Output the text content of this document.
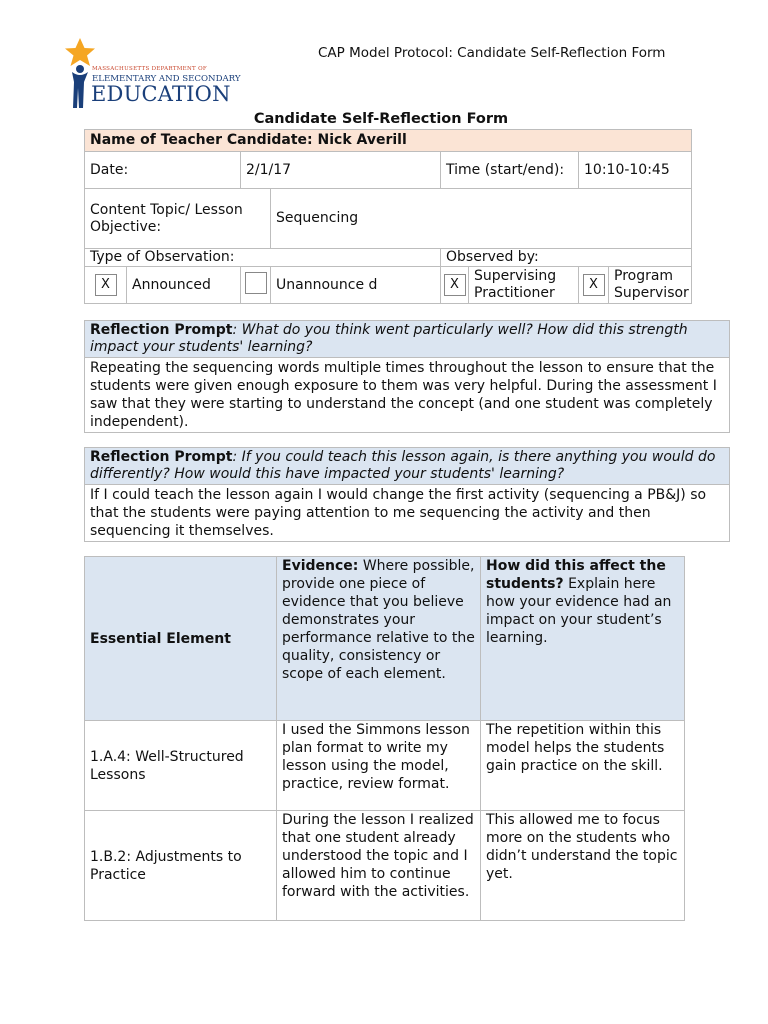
MASSACHUSETTS DEPARTMENT OF
ELEMENTARY AND SECONDARY
EDUCATION
CAP Model Protocol: Candidate Self-Reflection Form
Candidate Self-Reflection Form
Name of Teacher Candidate: Nick Averill							
Date:		2/1/17		Time (start/end):		10:10-10:45	
Content Topic/ Lesson Objective:			Sequencing				
Type of Observation:				Observed by:			
X	Announced		Unannounce d	X	Supervising Practitioner	X	Program Supervisor
Reflection Prompt: What do you think went particularly well? How did this strength impact your students' learning?
Repeating the sequencing words multiple times throughout the lesson to ensure that the students were given enough exposure to them was very helpful. During the assessment I saw that they were starting to understand the concept (and one student was completely independent).
Reflection Prompt: If you could teach this lesson again, is there anything you would do differently? How would this have impacted your students' learning?
If I could teach the lesson again I would change the first activity (sequencing a PB&J) so that the students were paying attention to me sequencing the activity and then sequencing it themselves.
Essential Element	Evidence: Where possible, provide one piece of evidence that you believe demonstrates your performance relative to the quality, consistency or scope of each element.	How did this affect the students? Explain here how your evidence had an impact on your student’s learning.
1.A.4: Well-Structured Lessons	I used the Simmons lesson plan format to write my lesson using the model, practice, review format.	The repetition within this model helps the students gain practice on the skill.
1.B.2: Adjustments to Practice	During the lesson I realized that one student already understood the topic and I allowed him to continue forward with the activities.	This allowed me to focus more on the students who didn’t understand the topic yet.
